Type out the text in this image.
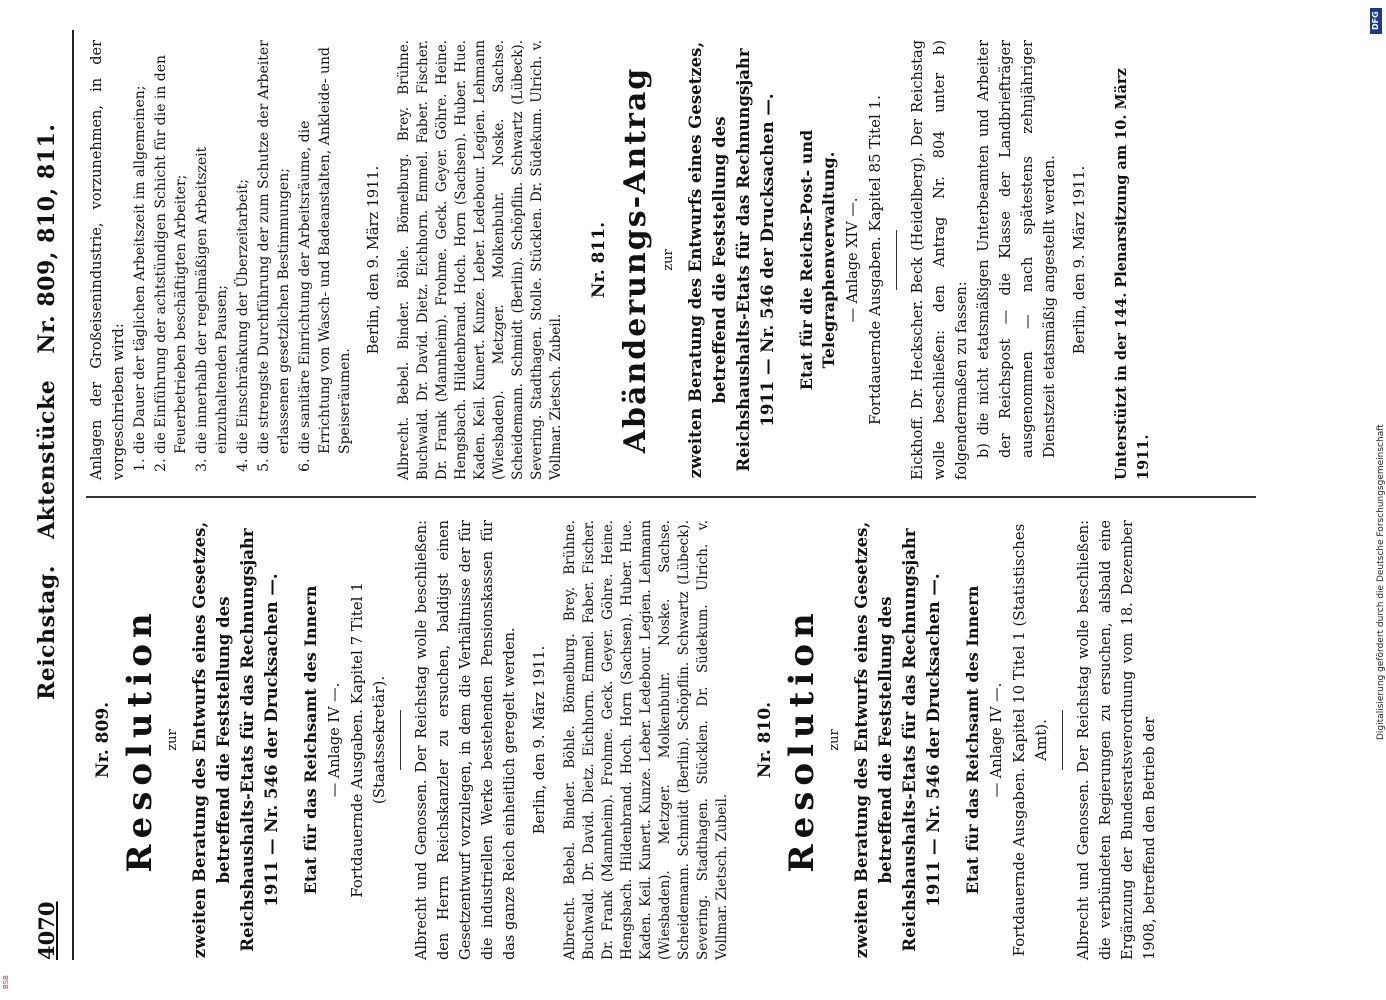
4070
Reichstag. Aktenstücke Nr. 809, 810, 811.
Nr. 809. Resolution zur zweiten Beratung des Entwurfs eines Gesetzes, betreffend die Feststellung des Reichshaushalts-Etats für das Rechnungsjahr 1911 — Nr. 546 der Drucksachen —. Etat für das Reichsamt des Innern — Anlage IV —. Fortdauernde Ausgaben. Kapitel 7 Titel 1 (Staatssekretär). Albrecht und Genossen. Der Reichstag wolle beschließen: den Herrn Reichskanzler zu ersuchen, baldigst einen Gesetzentwurf vorzulegen, in dem die Verhältnisse der für die industriellen Werke bestehenden Pensionskassen für das ganze Reich einheitlich geregelt werden. Berlin, den 9. März 1911. Albrecht. Bebel. Binder. Böhle. Bömelburg. Brey. Brühne. Buchwald. Dr. David. Dietz. Eichhorn. Emmel. Faber. Fischer. Dr. Frank (Mannheim). Frohme. Geck. Geyer. Göhre. Heine. Hengsbach. Hildenbrand. Hoch. Horn (Sachsen). Huber. Hue. Kaden. Keil. Kunert. Kunze. Leber. Ledebour. Legien. Lehmann (Wiesbaden). Metzger. Molkenbuhr. Noske. Sachse. Scheidemann. Schmidt (Berlin). Schöpflin. Schwartz (Lübeck). Severing. Stadthagen. Stücklen. Dr. Südekum. Ulrich. v. Vollmar. Zietsch. Zubeil.
Nr. 810. Resolution zur zweiten Beratung des Entwurfs eines Gesetzes, betreffend die Feststellung des Reichshaushalts-Etats für das Rechnungsjahr 1911 — Nr. 546 der Drucksachen —. Etat für das Reichsamt des Innern — Anlage IV —. Fortdauernde Ausgaben. Kapitel 10 Titel 1 (Statistisches Amt). Albrecht und Genossen. Der Reichstag wolle beschließen: die verbündeten Regierungen zu ersuchen, alsbald eine Ergänzung der Bundesratsverordnung vom 18. Dezember 1908, betreffend den Betrieb der
Anlagen der Großeisenindustrie, vorzunehmen, in der vorgeschrieben wird: 1. die Dauer der täglichen Arbeitszeit im allgemeinen; 2. die Einführung der achtstündigen Schicht für die in den Feuerbetrieben beschäftigten Arbeiter; 3. die innerhalb der regelmäßigen Arbeitszeit einzuhaltenden Pausen; 4. die Einschränkung der Überzeitarbeit; 5. die strengste Durchführung der zum Schutze der Arbeiter erlassenen gesetzlichen Bestimmungen; 6. die sanitäre Einrichtung der Arbeitsräume, die Errichtung von Wasch- und Badeanstalten, Ankleide- und Speiseräumen.
Berlin, den 9. März 1911. Albrecht. Bebel. Binder. Böhle. Bömelburg. Brey. Brühne. Buchwald. Dr. David. Dietz. Eichhorn. Emmel. Faber. Fischer. Dr. Frank (Mannheim). Frohme. Geck. Geyer. Göhre. Heine. Hengsbach. Hildenbrand. Hoch. Horn (Sachsen). Huber. Hue. Kaden. Keil. Kunert. Kunze. Leber. Ledebour. Legien. Lehmann (Wiesbaden). Metzger. Molkenbuhr. Noske. Sachse. Scheidemann. Schmidt (Berlin). Schöpflin. Schwartz (Lübeck). Severing. Stadthagen. Stolle. Stücklen. Dr. Südekum. Ulrich. v. Vollmar. Zietsch. Zubeil.
Nr. 811. Abänderungs-Antrag zur zweiten Beratung des Entwurfs eines Gesetzes, betreffend die Feststellung des Reichshaushalts-Etats für das Rechnungsjahr 1911 — Nr. 546 der Drucksachen —. Etat für die Reichs-Post- und Telegraphenverwaltung. — Anlage XIV —. Fortdauernde Ausgaben. Kapitel 85 Titel 1. Eickhoff. Dr. Heckscher. Beck (Heidelberg). Der Reichstag wolle beschließen: den Antrag Nr. 804 unter b) folgendermaßen zu fassen: b) die nicht etatsmäßigen Unterbeamten und Arbeiter der Reichspost — die Klasse der Landbriefträger ausgenommen — nach spätestens zehnjähriger Dienstzeit etatsmäßig angestellt werden. Berlin, den 9. März 1911. Unterstützt in der 144. Plenarsitzung am 10. März 1911.
DFG
Digitalisierung gefördert durch die Deutsche Forschungsgemeinschaft
BSB
